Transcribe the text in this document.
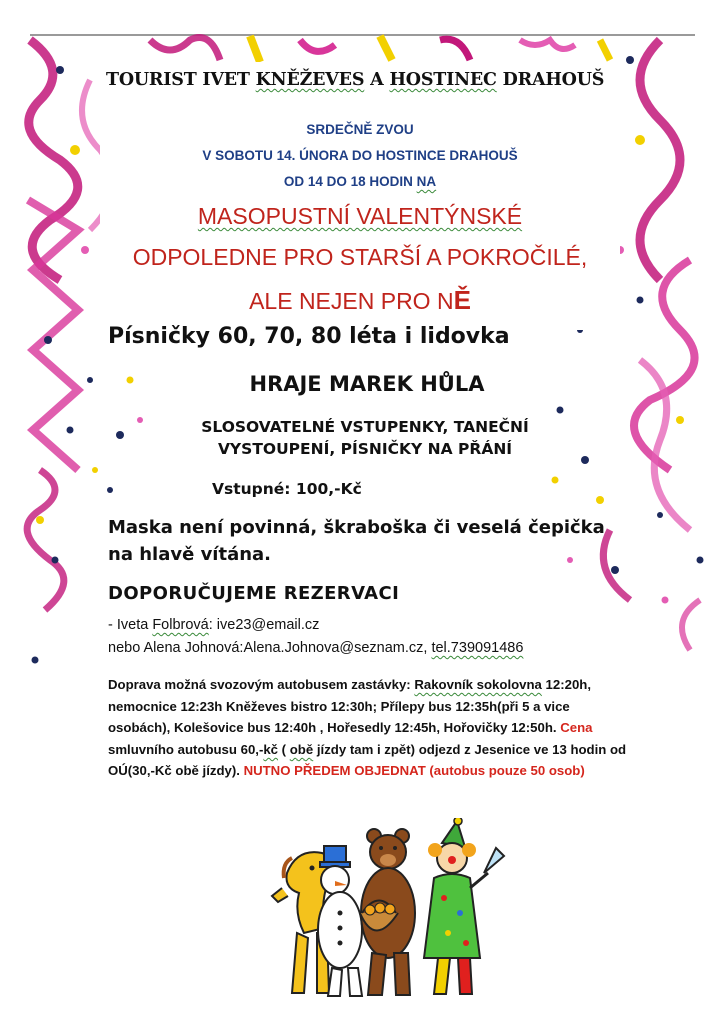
TOURIST IVET KNĚŽEVES A HOSTINEC DRAHOUŠ
SRDEČNĚ ZVOU
V SOBOTU 14. ÚNORA DO HOSTINCE DRAHOUŠ
OD 14 DO 18 HODIN NA
MASOPUSTNÍ VALENTÝNSKÉ
ODPOLEDNE PRO STARŠÍ A POKROČILÉ,
ALE NEJEN PRO NĚ
Písničky 60, 70, 80 léta i lidovka
HRAJE MAREK HŮLA
SLOSOVATELNÉ VSTUPENKY, TANEČNÍ
VYSTOUPENÍ, PÍSNIČKY NA PŘÁNÍ
Vstupné: 100,-Kč
Maska není povinná, škraboška či veselá čepička na hlavě vítána.
DOPORUČUJEME REZERVACI
- Iveta Folbrová: ive23@email.cz
nebo Alena Johnová:Alena.Johnova@seznam.cz, tel.739091486
Doprava možná svozovým autobusem zastávky: Rakovník sokolovna 12:20h, nemocnice 12:23h Kněževes bistro 12:30h; Přílepy bus 12:35h(při 5 a vice osobách), Kolešovice bus 12:40h , Hořesedly 12:45h, Hořovičky 12:50h. Cena smluvního autobusu 60,-kč ( obě jízdy tam i zpět) odjezd z Jesenice ve 13 hodin od OÚ(30,-Kč obě jízdy). NUTNO PŘEDEM OBJEDNAT (autobus pouze 50 osob)
